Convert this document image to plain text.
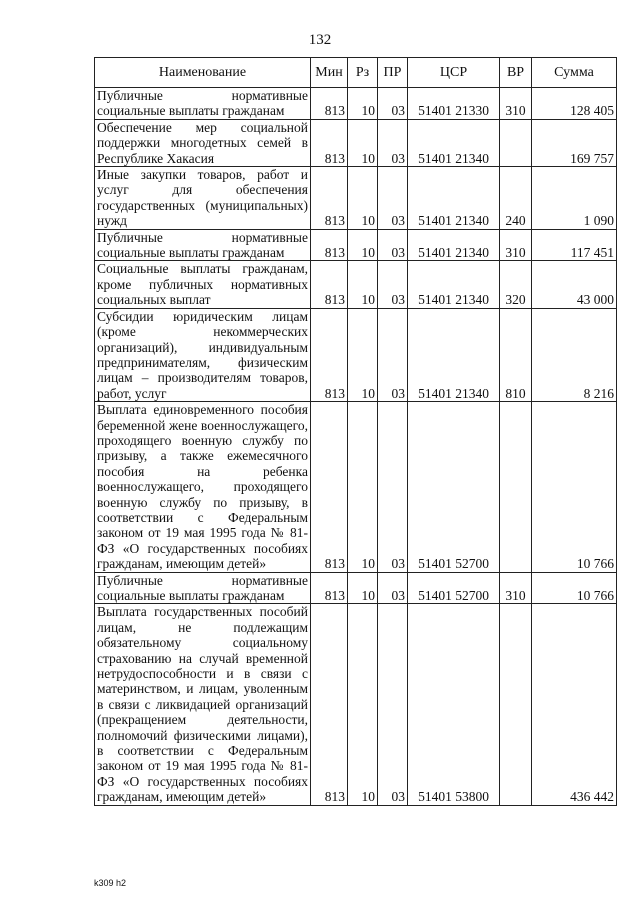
132
Наименование	Мин	Рз	ПР	ЦСР	ВР	Сумма
Публичные нормативные социальные выплаты гражданам	813	10	03	51401 21330	310	128 405
Обеспечение мер социальной поддержки многодетных семей в Республике Хакасия	813	10	03	51401 21340		169 757
Иные закупки товаров, работ и услуг для обеспечения государственных (муниципальных) нужд	813	10	03	51401 21340	240	1 090
Публичные нормативные социальные выплаты гражданам	813	10	03	51401 21340	310	117 451
Социальные выплаты гражданам, кроме публичных нормативных социальных выплат	813	10	03	51401 21340	320	43 000
Субсидии юридическим лицам (кроме некоммерческих организаций), индивидуальным предпринимателям, физическим лицам – производителям товаров, работ, услуг	813	10	03	51401 21340	810	8 216
Выплата единовременного пособия беременной жене военнослужащего, проходящего военную службу по призыву, а также ежемесячного пособия на ребенка военнослужащего, проходящего военную службу по призыву, в соответствии с Федеральным законом от 19 мая 1995 года № 81-ФЗ «О государственных пособиях гражданам, имеющим детей»	813	10	03	51401 52700		10 766
Публичные нормативные социальные выплаты гражданам	813	10	03	51401 52700	310	10 766
Выплата государственных пособий лицам, не подлежащим обязательному социальному страхованию на случай временной нетрудоспособности и в связи с материнством, и лицам, уволенным в связи с ликвидацией организаций (прекращением деятельности, полномочий физическими лицами), в соответствии с Федеральным законом от 19 мая 1995 года № 81-ФЗ «О государственных пособиях гражданам, имеющим детей»	813	10	03	51401 53800		436 442
k309 h2
